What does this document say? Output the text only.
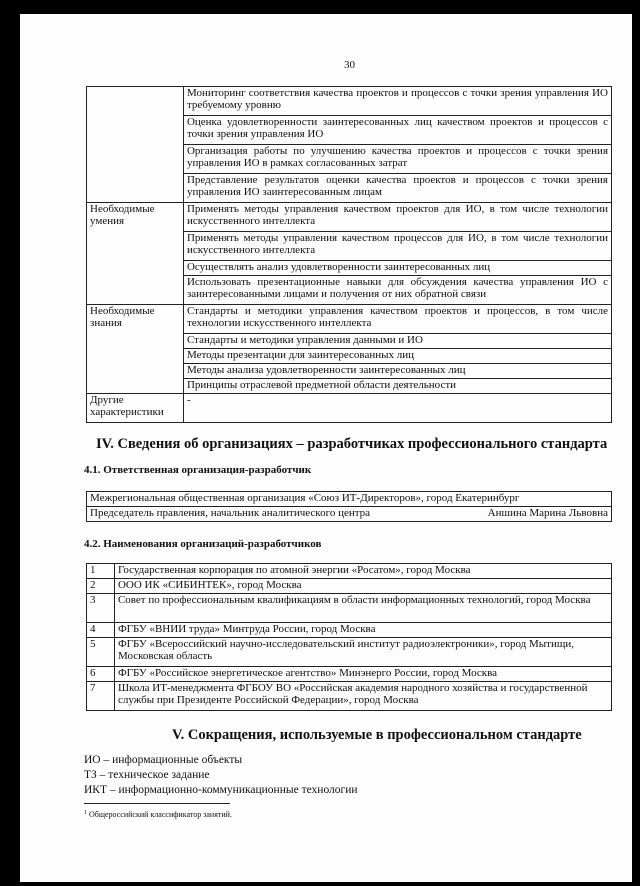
30
	Мониторинг соответствия качества проектов и процессов с точки зрения управления ИО требуемому уровню
	Оценка удовлетворенности заинтересованных лиц качеством проектов и процессов с точки зрения управления ИО
	Организация работы по улучшению качества проектов и процессов с точки зрения управления ИО в рамках согласованных затрат
	Представление результатов оценки качества проектов и процессов с точки зрения управления ИО заинтересованным лицам
Необходимые умения	Применять методы управления качеством проектов для ИО, в том числе технологии искусственного интеллекта
	Применять методы управления качеством процессов для ИО, в том числе технологии искусственного интеллекта
	Осуществлять анализ удовлетворенности заинтересованных лиц
	Использовать презентационные навыки для обсуждения качества управления ИО с заинтересованными лицами и получения от них обратной связи
Необходимые знания	Стандарты и методики управления качеством проектов и процессов, в том числе технологии искусственного интеллекта
	Стандарты и методики управления данными и ИО
	Методы презентации для заинтересованных лиц
	Методы анализа удовлетворенности заинтересованных лиц
	Принципы отраслевой предметной области деятельности
Другие характеристики	-
IV. Сведения об организациях – разработчиках профессионального стандарта
4.1. Ответственная организация-разработчик
Межрегиональная общественная организация «Союз ИТ-Директоров», город Екатеринбург
Председатель правления, начальник аналитического центра	Аншина Марина Львовна
4.2. Наименования организаций-разработчиков
1	Государственная корпорация по атомной энергии «Росатом», город Москва
2	ООО ИК «СИБИНТЕК», город Москва
3	Совет по профессиональным квалификациям в области информационных технологий, город Москва
4	ФГБУ «ВНИИ труда» Минтруда России, город Москва
5	ФГБУ «Всероссийский научно-исследовательский институт радиоэлектроники», город Мытищи, Московская область
6	ФГБУ «Российское энергетическое агентство» Минэнерго России, город Москва
7	Школа ИТ-менеджмента ФГБОУ ВО «Российская академия народного хозяйства и государственной службы при Президенте Российской Федерации», город Москва
V. Сокращения, используемые в профессиональном стандарте
ИО – информационные объекты
ТЗ – техническое задание
ИКТ – информационно-коммуникационные технологии
$^1$ Общероссийский классификатор занятий.
